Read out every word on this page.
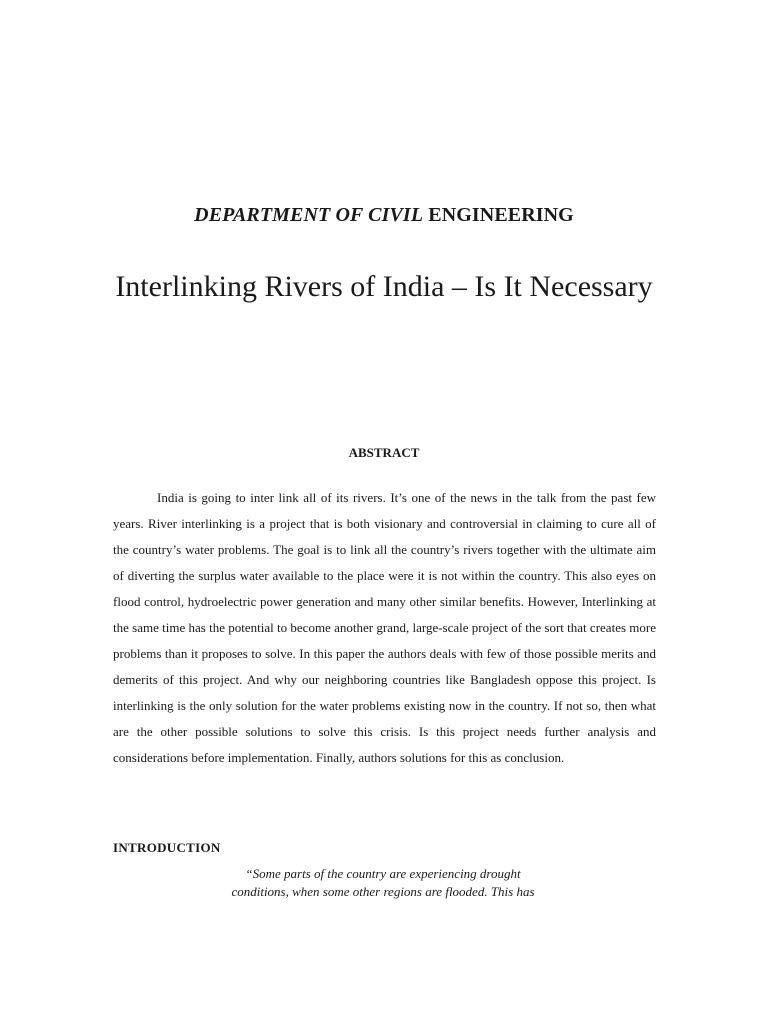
DEPARTMENT OF CIVIL ENGINEERING
Interlinking Rivers of India – Is It Necessary
ABSTRACT

India is going to inter link all of its rivers. It’s one of the news in the talk from the past few years. River interlinking is a project that is both visionary and controversial in claiming to cure all of the country’s water problems. The goal is to link all the country’s rivers together with the ultimate aim of diverting the surplus water available to the place were it is not within the country. This also eyes on flood control, hydroelectric power generation and many other similar benefits. However, Interlinking at the same time has the potential to become another grand, large-scale project of the sort that creates more problems than it proposes to solve. In this paper the authors deals with few of those possible merits and demerits of this project. And why our neighboring countries like Bangladesh oppose this project. Is interlinking is the only solution for the water problems existing now in the country. If not so, then what are the other possible solutions to solve this crisis. Is this project needs further analysis and considerations before implementation. Finally, authors solutions for this as conclusion.

INTRODUCTION

“Some parts of the country are experiencing drought
conditions, when some other regions are flooded. This has
